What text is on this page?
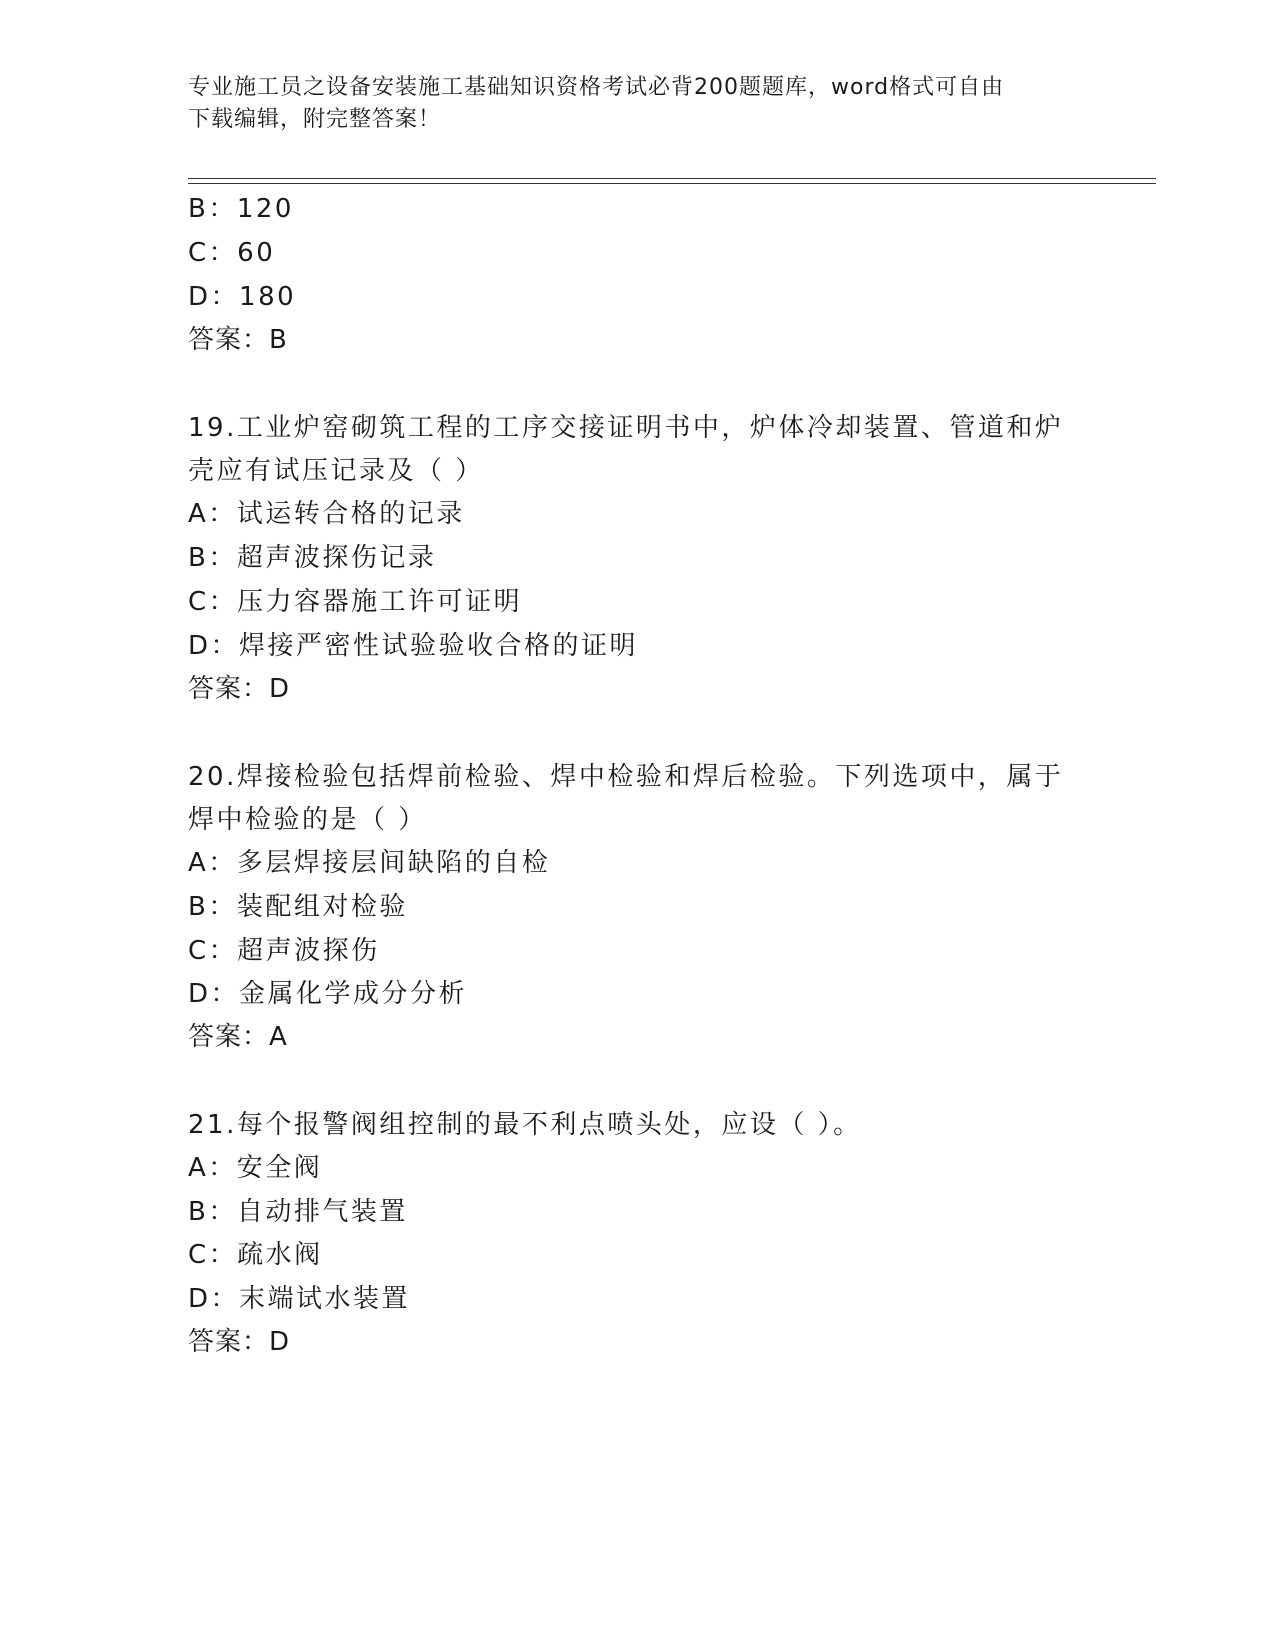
专业施工员之设备安装施工基础知识资格考试必背200题题库，word格式可自由
下载编辑，附完整答案！
B：120
C：60
D：180
答案：B
19.工业炉窑砌筑工程的工序交接证明书中，炉体冷却装置、管道和炉
壳应有试压记录及（ ）
A：试运转合格的记录
B：超声波探伤记录
C：压力容器施工许可证明
D：焊接严密性试验验收合格的证明
答案：D
20.焊接检验包括焊前检验、焊中检验和焊后检验。下列选项中，属于
焊中检验的是（ ）
A：多层焊接层间缺陷的自检
B：装配组对检验
C：超声波探伤
D：金属化学成分分析
答案：A
21.每个报警阀组控制的最不利点喷头处，应设（ ）。
A：安全阀
B：自动排气装置
C：疏水阀
D：末端试水装置
答案：D
